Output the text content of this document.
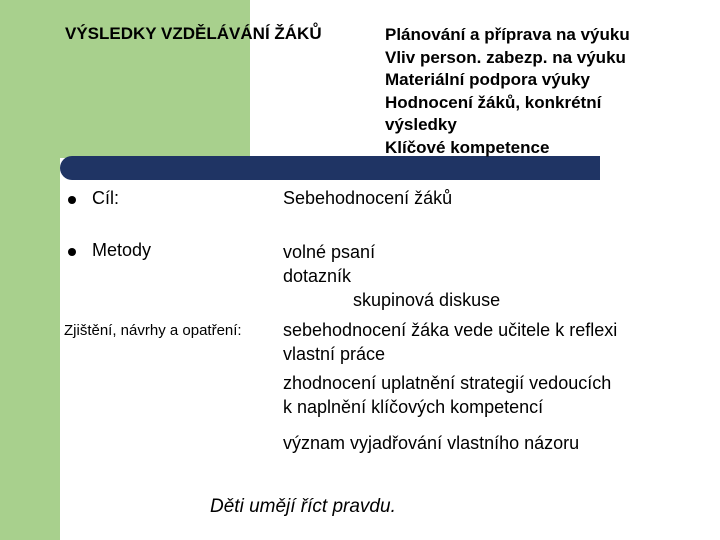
VÝSLEDKY VZDĚLÁVÁNÍ ŽÁKŮ	Plánování a příprava na výuku
Vliv person. zabezp. na výuku
Materiální podpora výuky
Hodnocení žáků, konkrétní
výsledky
Klíčové kompetence
Cíl:	Sebehodnocení žáků
Metody	volné psaní
dotazník
skupinová diskuse
Zjištění, návrhy a opatření: sebehodnocení žáka vede učitele k reflexi
vlastní práce
zhodnocení uplatnění strategií vedoucích
k naplnění klíčových kompetencí
význam vyjadřování vlastního názoru
Děti umějí říct pravdu.
